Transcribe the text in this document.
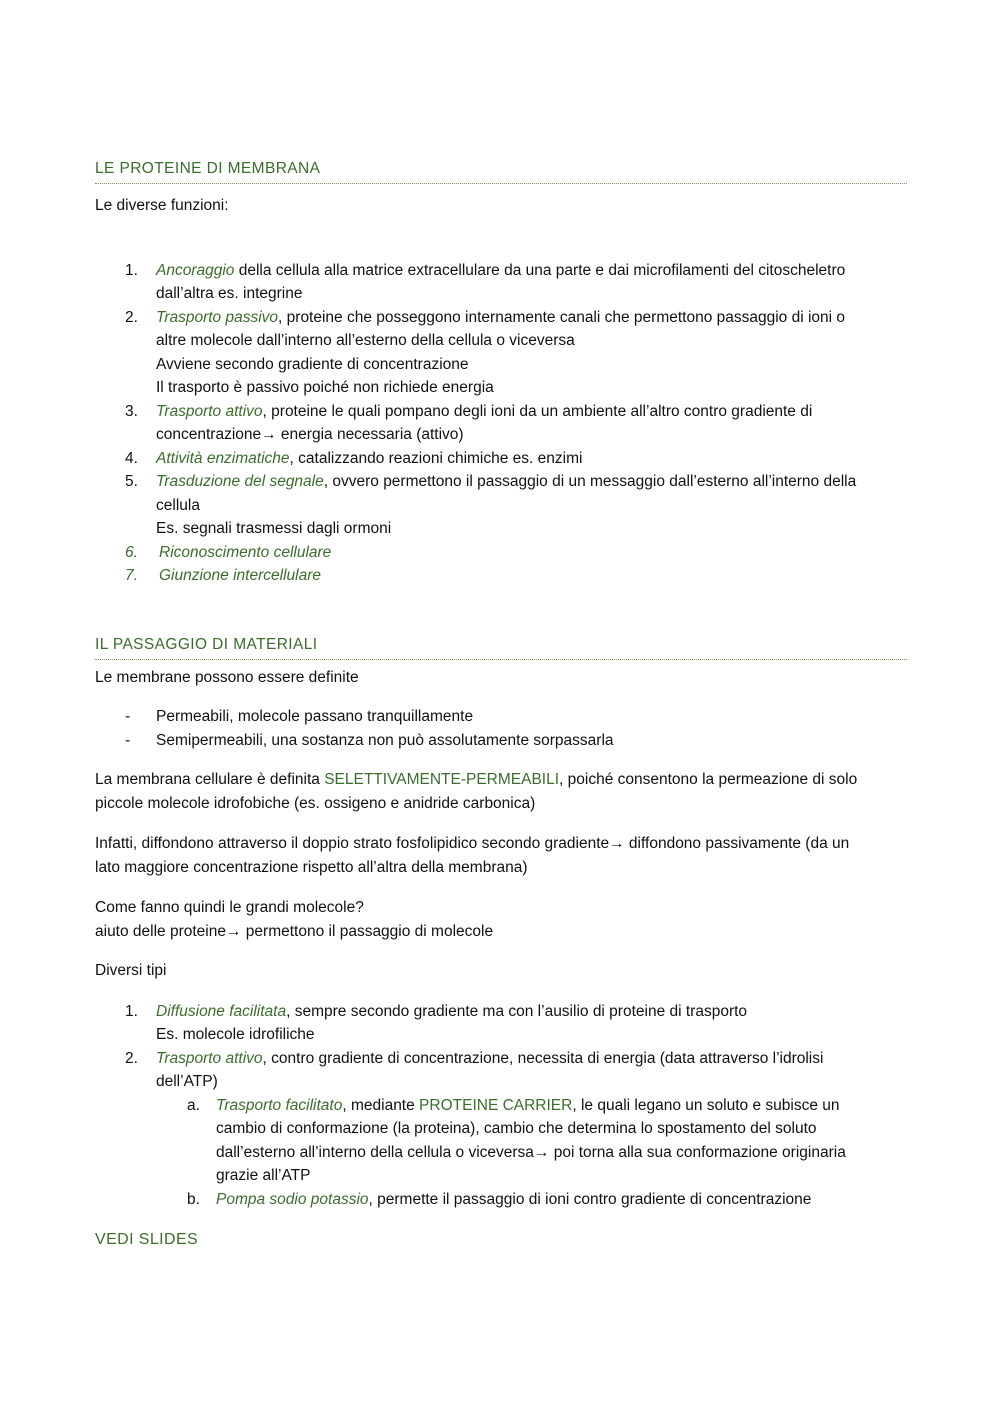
LE PROTEINE DI MEMBRANA

Le diverse funzioni:

1. Ancoraggio della cellula alla matrice extracellulare da una parte e dai microfilamenti del citoscheletro
dall’altra es. integrine
2. Trasporto passivo, proteine che posseggono internamente canali che permettono passaggio di ioni o
altre molecole dall’interno all’esterno della cellula o viceversa
Avviene secondo gradiente di concentrazione
Il trasporto è passivo poiché non richiede energia
3. Trasporto attivo, proteine le quali pompano degli ioni da un ambiente all’altro contro gradiente di
concentrazione→ energia necessaria (attivo)
4. Attività enzimatiche, catalizzando reazioni chimiche es. enzimi
5. Trasduzione del segnale, ovvero permettono il passaggio di un messaggio dall’esterno all’interno della
cellula
Es. segnali trasmessi dagli ormoni
6. Riconoscimento cellulare
7. Giunzione intercellulare
IL PASSAGGIO DI MATERIALI

Le membrane possono essere definite

- Permeabili, molecole passano tranquillamente
- Semipermeabili, una sostanza non può assolutamente sorpassarla

La membrana cellulare è definita SELETTIVAMENTE-PERMEABILI, poiché consentono la permeazione di solo
piccole molecole idrofobiche (es. ossigeno e anidride carbonica)

Infatti, diffondono attraverso il doppio strato fosfolipidico secondo gradiente→ diffondono passivamente (da un
lato maggiore concentrazione rispetto all’altra della membrana)

Come fanno quindi le grandi molecole?
aiuto delle proteine→ permettono il passaggio di molecole

Diversi tipi

1. Diffusione facilitata, sempre secondo gradiente ma con l’ausilio di proteine di trasporto
Es. molecole idrofiliche
2. Trasporto attivo, contro gradiente di concentrazione, necessita di energia (data attraverso l’idrolisi
dell’ATP)
a. Trasporto facilitato, mediante PROTEINE CARRIER, le quali legano un soluto e subisce un
cambio di conformazione (la proteina), cambio che determina lo spostamento del soluto
dall’esterno all’interno della cellula o viceversa→ poi torna alla sua conformazione originaria
grazie all’ATP
b. Pompa sodio potassio, permette il passaggio di ioni contro gradiente di concentrazione
VEDI SLIDES
